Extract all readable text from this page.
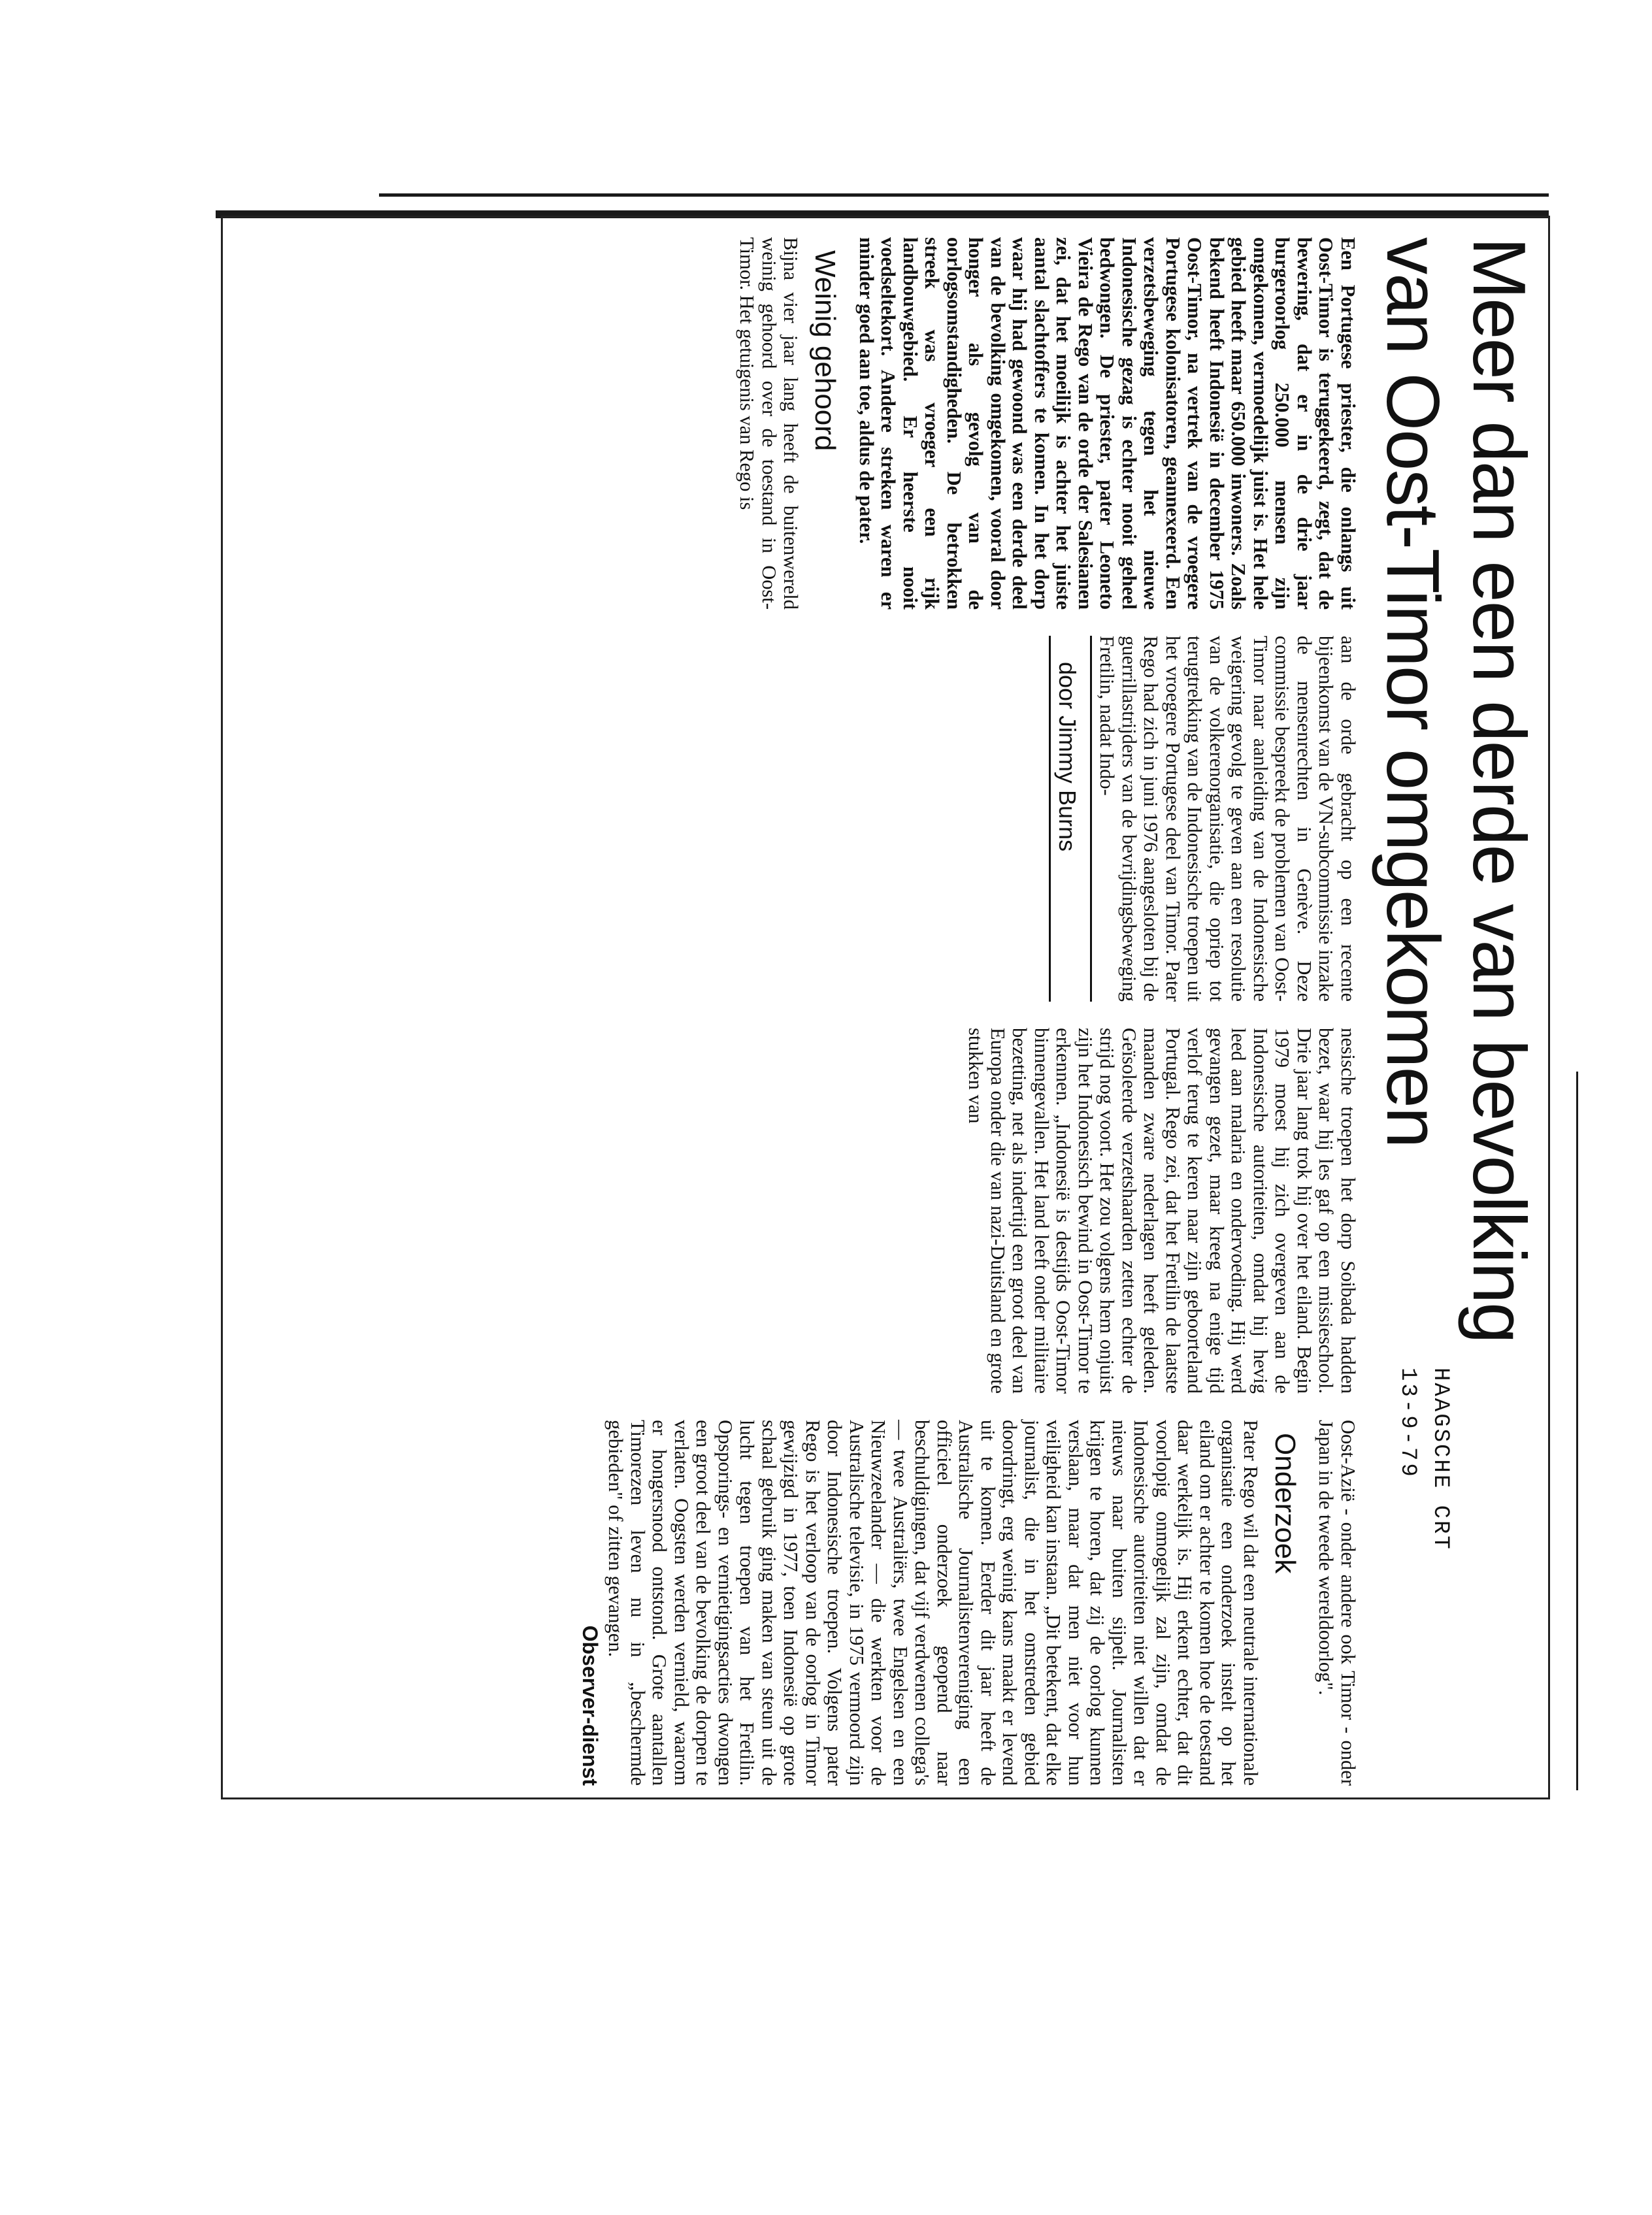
Meer dan een derde van bevolking
van Oost-Timor omgekomen
HAAGSCHE CRT
13-9-79

Een Portugese priester, die onlangs uit Oost-Timor is teruggekeerd, zegt, dat de bewering, dat er in de drie jaar burgeroorlog 250.000 mensen zijn omgekomen, vermoedelijk juist is. Het hele gebied heeft maar 650.000 inwoners. Zoals bekend heeft Indonesië in december 1975 Oost-Timor, na vertrek van de vroegere Portugese kolonisatoren, geannexeerd. Een verzetsbeweging tegen het nieuwe Indonesische gezag is echter nooit geheel bedwongen. De priester, pater Leoneto Vieira de Rego van de orde der Salesianen zei, dat het moeilijk is achter het juiste aantal slachtoffers te komen. In het dorp waar hij had gewoond was een derde deel van de bevolking omgekomen, vooral door honger als gevolg van de oorlogsomstandigheden. De betrokken streek was vroeger een rijk landbouwgebied. Er heerste nooit voedseltekort. Andere streken waren er minder goed aan toe, aldus de pater.

Weinig gehoord

Bijna vier jaar lang heeft de buitenwereld weinig gehoord over de toestand in Oost-Timor. Het getuigenis van Rego is

aan de orde gebracht op een recente bijeenkomst van de VN-subcommissie inzake de mensenrechten in Genève. Deze commissie bespreekt de problemen van Oost-Timor naar aanleiding van de Indonesische weigering gevolg te geven aan een resolutie van de volkerenorganisatie, die opriep tot terugtrekking van de Indonesische troepen uit het vroegere Portugese deel van Timor. Pater Rego had zich in juni 1976 aangesloten bij de guerrillastrijders van de bevrijdingsbeweging Fretilin, nadat Indo-

door Jimmy Burns

nesische troepen het dorp Soibada hadden bezet, waar hij les gaf op een missieschool. Drie jaar lang trok hij over het eiland. Begin 1979 moest hij zich overgeven aan de Indonesische autoriteiten, omdat hij hevig leed aan malaria en ondervoeding. Hij werd gevangen gezet, maar kreeg na enige tijd verlof terug te keren naar zijn geboorteland Portugal. Rego zei, dat het Fretilin de laatste maanden zware nederlagen heeft geleden. Geïsoleerde verzetshaarden zetten echter de strijd nog voort. Het zou volgens hem onjuist zijn het Indonesisch bewind in Oost-Timor te erkennen. „Indonesië is destijds Oost-Timor binnengevallen. Het land leeft onder militaire bezetting, net als indertijd een groot deel van Europa onder die van nazi-Duitsland en grote stukken van

Oost-Azië - onder andere ook Timor - onder Japan in de tweede wereldoorlog".

Onderzoek

Pater Rego wil dat een neutrale internationale organisatie een onderzoek instelt op het eiland om er achter te komen hoe de toestand daar werkelijk is. Hij erkent echter, dat dit voorlopig onmogelijk zal zijn, omdat de Indonesische autoriteiten niet willen dat er nieuws naar buiten sijpelt. Journalisten krijgen te horen, dat zij de oorlog kunnen verslaan, maar dat men niet voor hun veiligheid kan instaan. „Dit betekent, dat elke journalist, die in het omstreden gebied doordringt, erg weinig kans maakt er levend uit te komen. Eerder dit jaar heeft de Australische Journalistenvereniging een officieel onderzoek geopend naar beschuldigingen, dat vijf verdwenen collega's — twee Australiërs, twee Engelsen en een Nieuwzeelander — die werkten voor de Australische televisie, in 1975 vermoord zijn door Indonesische troepen. Volgens pater Rego is het verloop van de oorlog in Timor gewijzigd in 1977, toen Indonesië op grote schaal gebruik ging maken van steun uit de lucht tegen troepen van het Fretilin. Opsporings- en vernietigingsacties dwongen een groot deel van de bevolking de dorpen te verlaten. Oogsten werden vernield, waarom er hongersnood ontstond. Grote aantallen Timorezen leven nu in „beschermde gebieden" of zitten gevangen.

Observer-dienst
